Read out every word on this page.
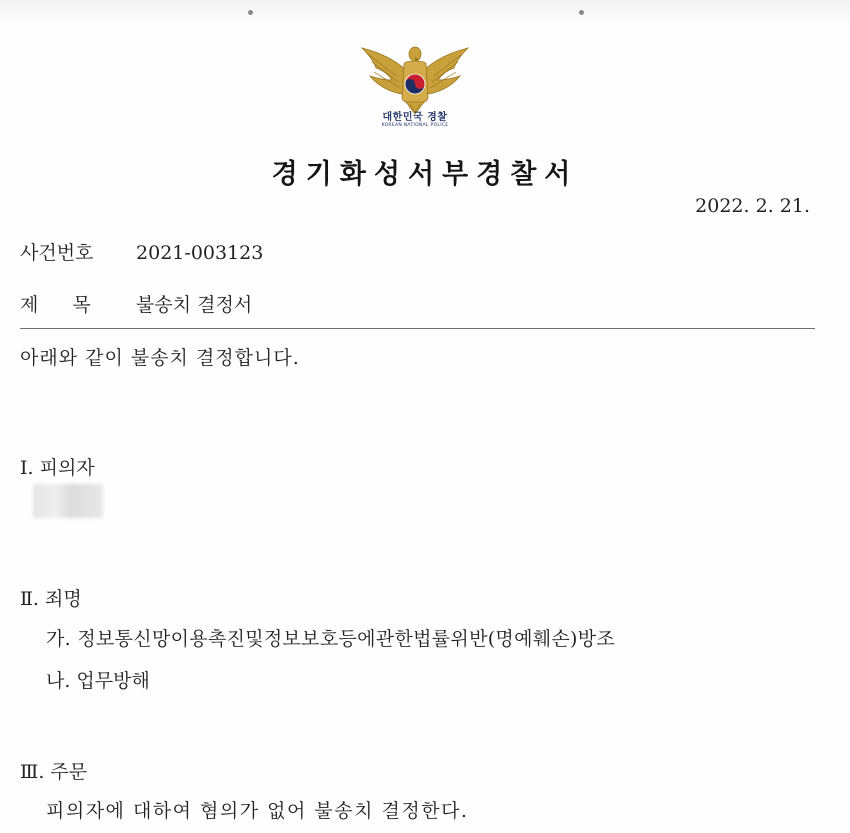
대한민국 경찰
KOREAN NATIONAL POLICE
경기화성서부경찰서
2022. 2. 21.
사건번호 2021-003123
제목 불송치 결정서
아래와 같이 불송치 결정합니다.
Ⅰ. 피의자
Ⅱ. 죄명
가. 정보통신망이용촉진및정보보호등에관한법률위반(명예훼손)방조
나. 업무방해
Ⅲ. 주문
피의자에 대하여 혐의가 없어 불송치 결정한다.
